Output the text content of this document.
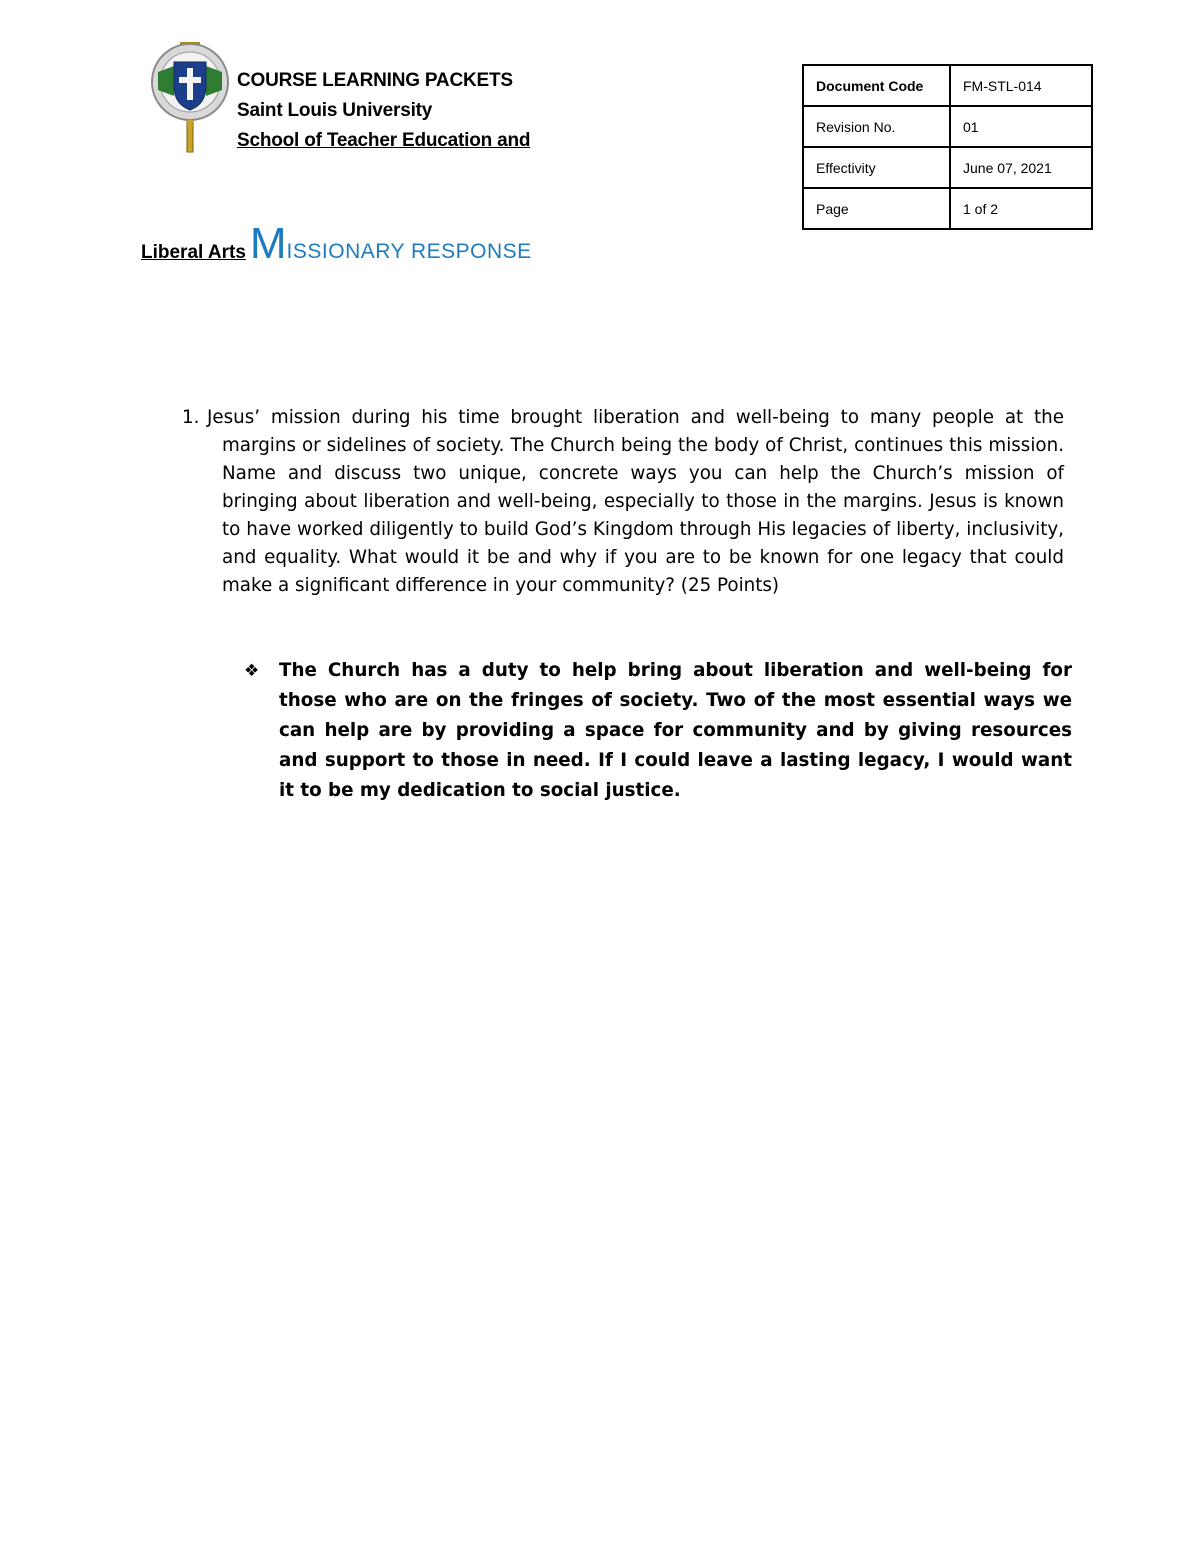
COURSE LEARNING PACKETS
Saint Louis University
School of Teacher Education and
Liberal ArtsMISSIONARY RESPONSE
Document Code	FM-STL-014
Revision No.	01
Effectivity	June 07, 2021
Page	1 of 2
1. Jesus’ mission during his time brought liberation and well-being to many people at the margins or sidelines of society. The Church being the body of Christ, continues this mission. Name and discuss two unique, concrete ways you can help the Church’s mission of bringing about liberation and well-being, especially to those in the margins. Jesus is known to have worked diligently to build God’s Kingdom through His legacies of liberty, inclusivity, and equality. What would it be and why if you are to be known for one legacy that could make a significant difference in your community? (25 Points)
❖	The Church has a duty to help bring about liberation and well-being for those who are on the fringes of society. Two of the most essential ways we can help are by providing a space for community and by giving resources and support to those in need. If I could leave a lasting legacy, I would want it to be my dedication to social justice.
